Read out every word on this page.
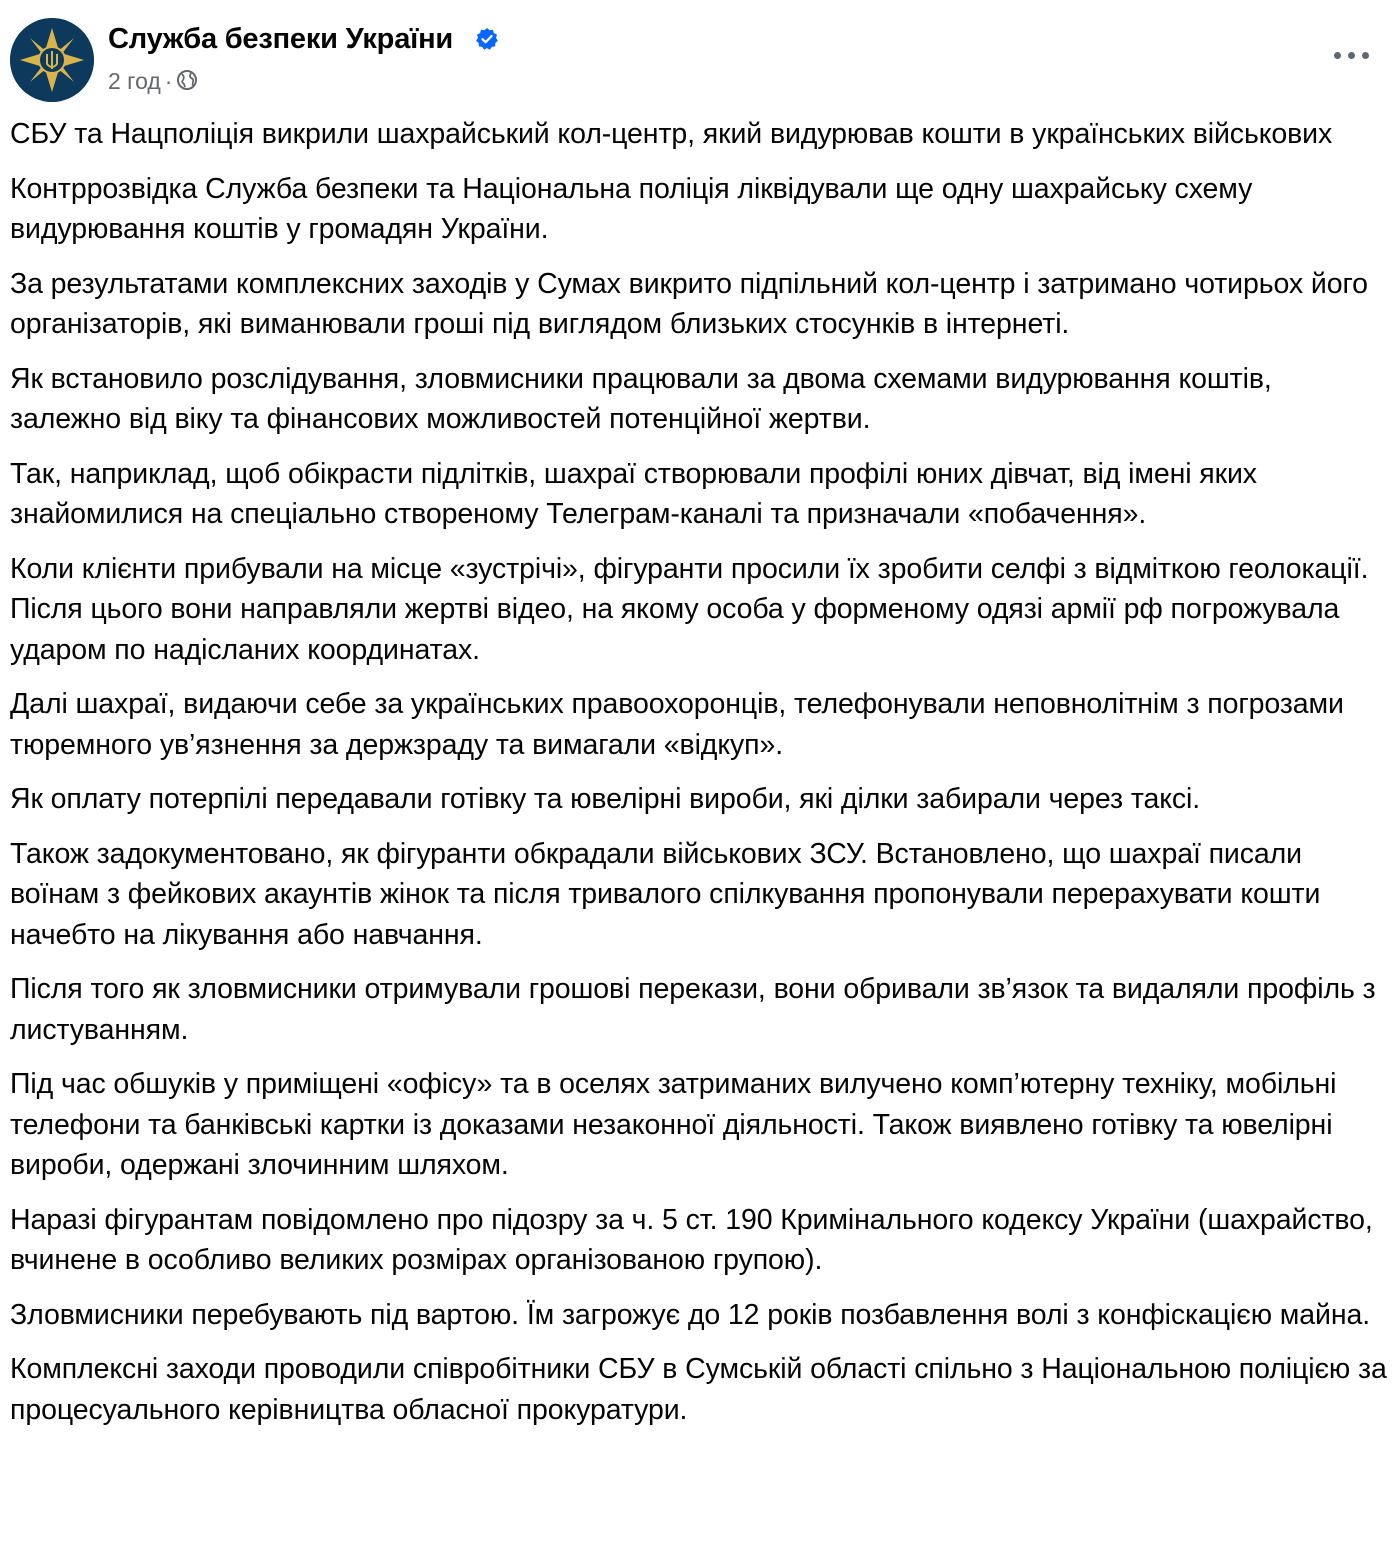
Служба безпеки України
2 год ·

СБУ та Нацполіція викрили шахрайський кол-центр, який видурював кошти в українських військових

Контррозвідка Служба безпеки та Національна поліція ліквідували ще одну шахрайську схему видурювання коштів у громадян України.

За результатами комплексних заходів у Сумах викрито підпільний кол-центр і затримано чотирьох його організаторів, які виманювали гроші під виглядом близьких стосунків в інтернеті.

Як встановило розслідування, зловмисники працювали за двома схемами видурювання коштів, залежно від віку та фінансових можливостей потенційної жертви.

Так, наприклад, щоб обікрасти підлітків, шахраї створювали профілі юних дівчат, від імені яких знайомилися на спеціально створеному Телеграм-каналі та призначали «побачення».

Коли клієнти прибували на місце «зустрічі», фігуранти просили їх зробити селфі з відміткою геолокації. Після цього вони направляли жертві відео, на якому особа у форменому одязі армії рф погрожувала ударом по надісланих координатах.

Далі шахраї, видаючи себе за українських правоохоронців, телефонували неповнолітнім з погрозами тюремного ув’язнення за держзраду та вимагали «відкуп».

Як оплату потерпілі передавали готівку та ювелірні вироби, які ділки забирали через таксі.

Також задокументовано, як фігуранти обкрадали військових ЗСУ. Встановлено, що шахраї писали воїнам з фейкових акаунтів жінок та після тривалого спілкування пропонували перерахувати кошти начебто на лікування або навчання.

Після того як зловмисники отримували грошові перекази, вони обривали зв’язок та видаляли профіль з листуванням.

Під час обшуків у приміщені «офісу» та в оселях затриманих вилучено комп’ютерну техніку, мобільні телефони та банківські картки із доказами незаконної діяльності. Також виявлено готівку та ювелірні вироби, одержані злочинним шляхом.

Наразі фігурантам повідомлено про підозру за ч. 5 ст. 190 Кримінального кодексу України (шахрайство, вчинене в особливо великих розмірах організованою групою).

Зловмисники перебувають під вартою. Їм загрожує до 12 років позбавлення волі з конфіскацією майна.

Комплексні заходи проводили співробітники СБУ в Сумській області спільно з Національною поліцією за процесуального керівництва обласної прокуратури.
